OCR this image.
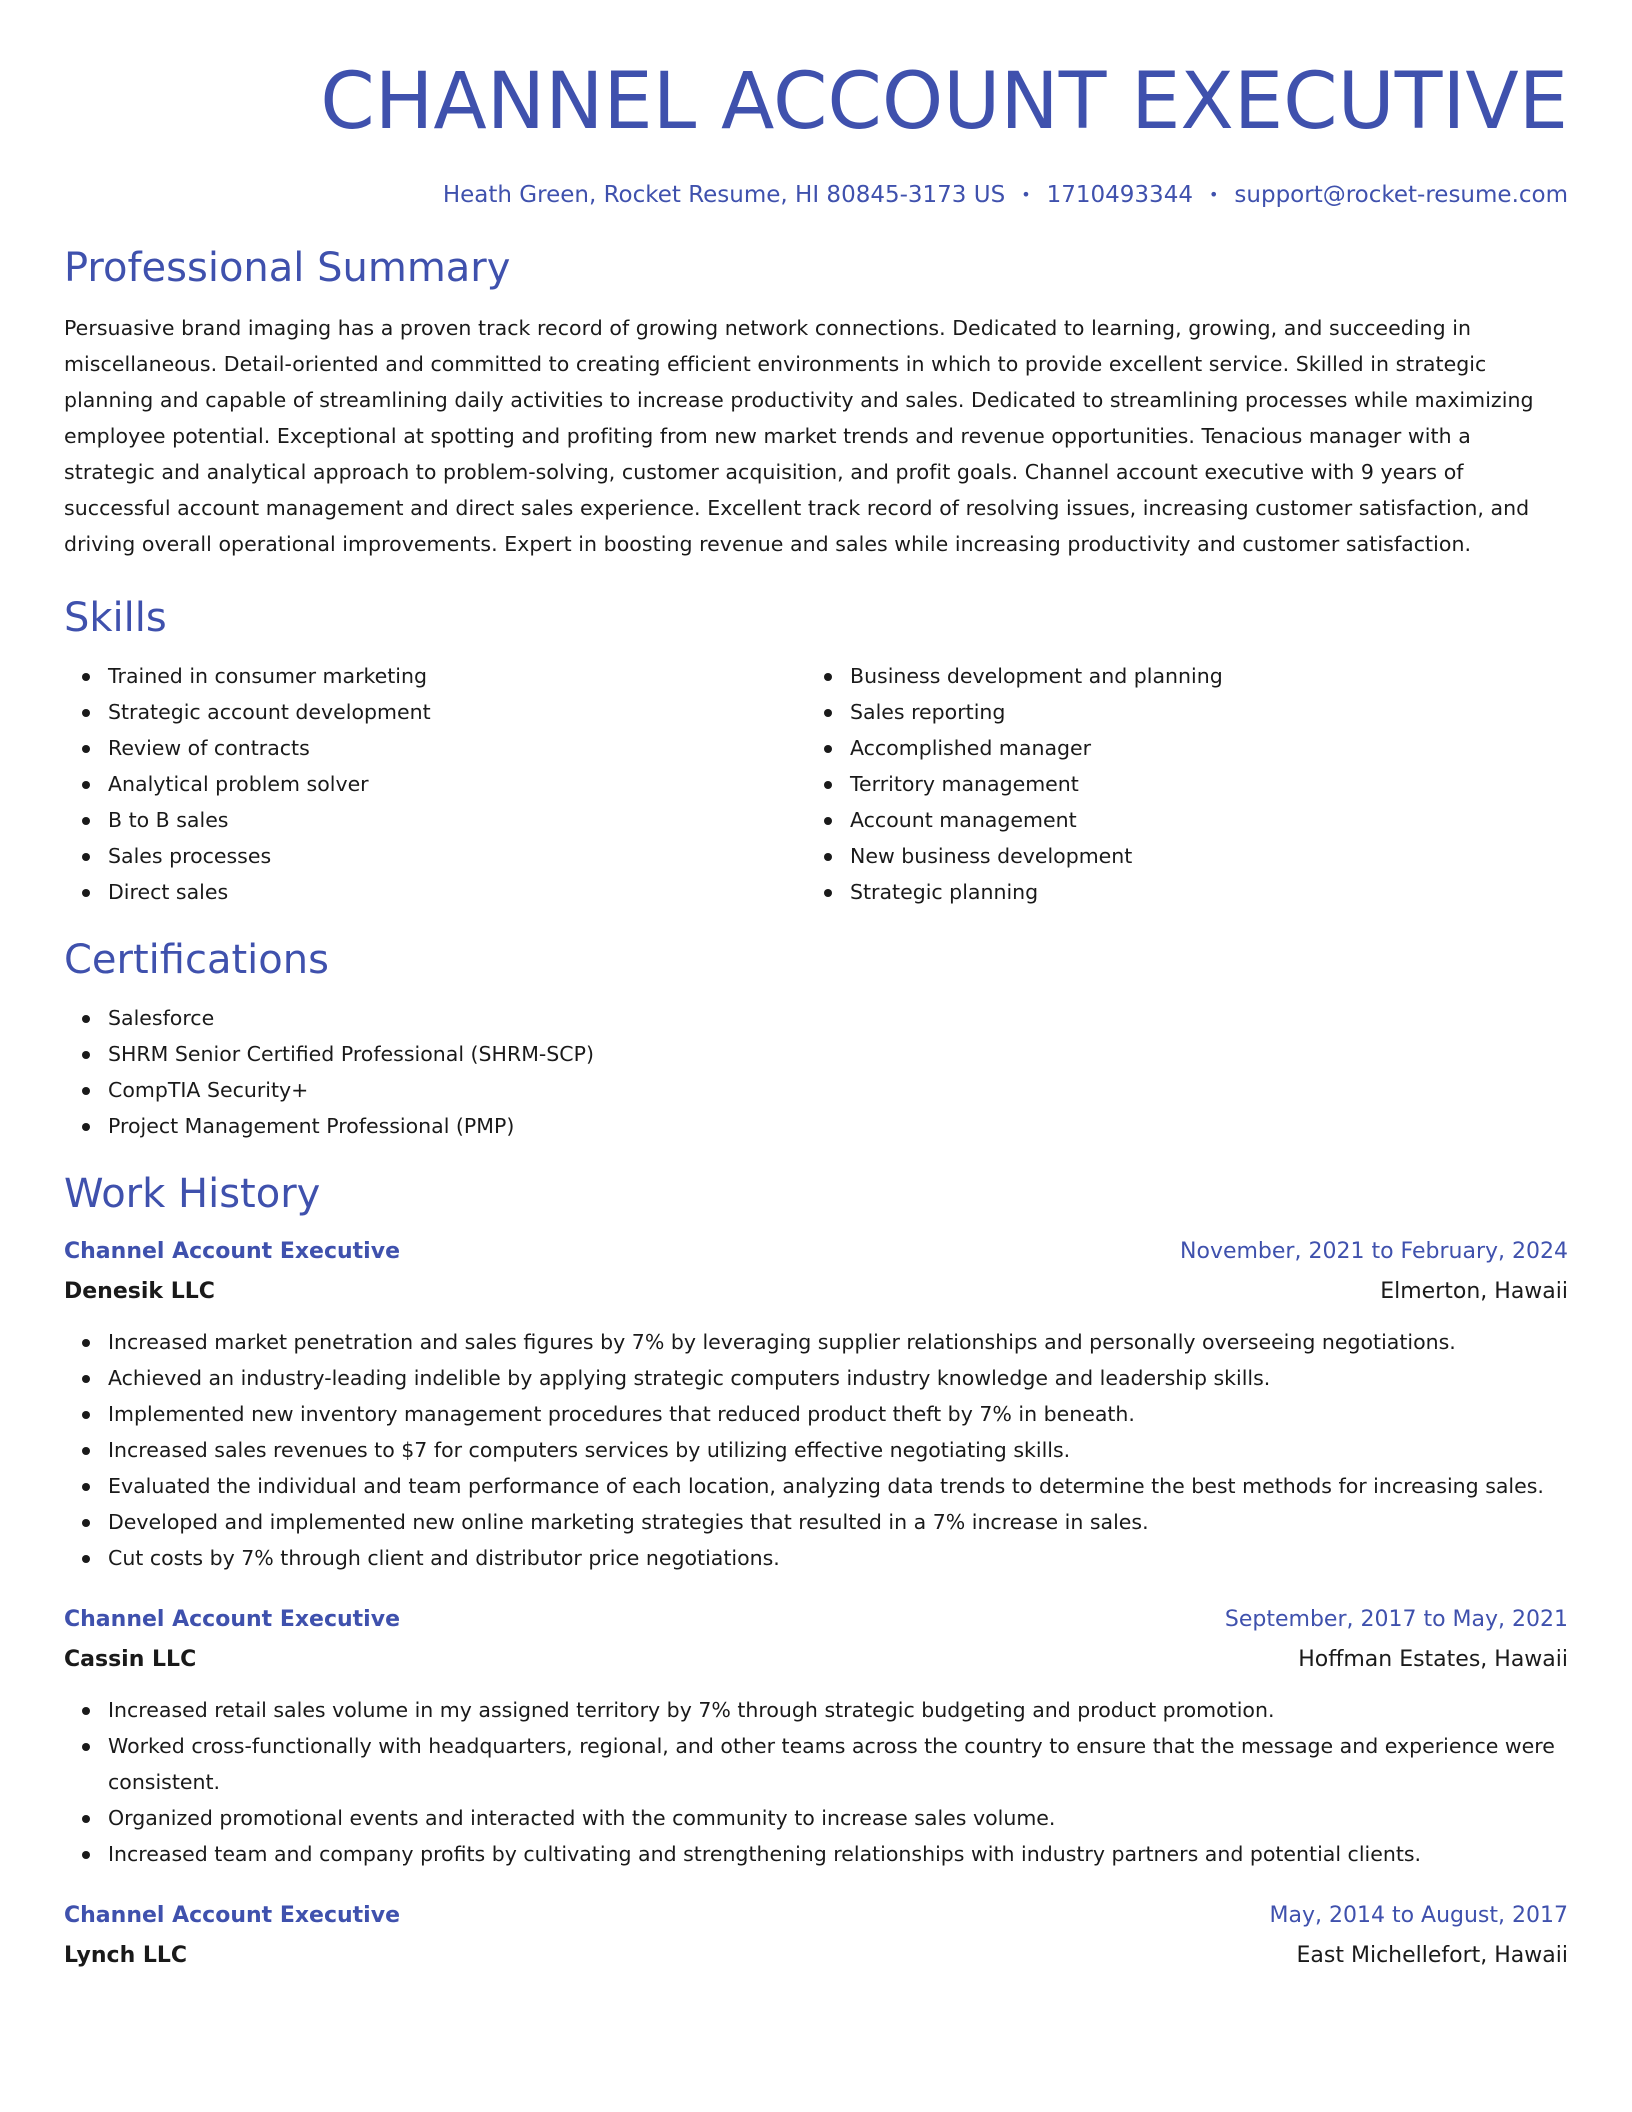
CHANNEL ACCOUNT EXECUTIVE
Heath Green, Rocket Resume, HI 80845-3173 US • 1710493344 • support@rocket-resume.com
Professional Summary

Persuasive brand imaging has a proven track record of growing network connections. Dedicated to learning, growing, and succeeding in miscellaneous. Detail-oriented and committed to creating efficient environments in which to provide excellent service. Skilled in strategic planning and capable of streamlining daily activities to increase productivity and sales. Dedicated to streamlining processes while maximizing employee potential. Exceptional at spotting and profiting from new market trends and revenue opportunities. Tenacious manager with a strategic and analytical approach to problem-solving, customer acquisition, and profit goals. Channel account executive with 9 years of successful account management and direct sales experience. Excellent track record of resolving issues, increasing customer satisfaction, and driving overall operational improvements. Expert in boosting revenue and sales while increasing productivity and customer satisfaction.

Skills
Trained in consumer marketing
Strategic account development
Review of contracts
Analytical problem solver
B to B sales
Sales processes
Direct sales
Business development and planning
Sales reporting
Accomplished manager
Territory management
Account management
New business development
Strategic planning
Certifications
Salesforce
SHRM Senior Certified Professional (SHRM-SCP)
CompTIA Security+
Project Management Professional (PMP)
Work History
Channel Account Executive	November, 2021 to February, 2024
Denesik LLC	Elmerton, Hawaii
Increased market penetration and sales figures by 7% by leveraging supplier relationships and personally overseeing negotiations.
Achieved an industry-leading indelible by applying strategic computers industry knowledge and leadership skills.
Implemented new inventory management procedures that reduced product theft by 7% in beneath.
Increased sales revenues to $7 for computers services by utilizing effective negotiating skills.
Evaluated the individual and team performance of each location, analyzing data trends to determine the best methods for increasing sales.
Developed and implemented new online marketing strategies that resulted in a 7% increase in sales.
Cut costs by 7% through client and distributor price negotiations.
Channel Account Executive	September, 2017 to May, 2021
Cassin LLC	Hoffman Estates, Hawaii
Increased retail sales volume in my assigned territory by 7% through strategic budgeting and product promotion.
Worked cross-functionally with headquarters, regional, and other teams across the country to ensure that the message and experience were consistent.
Organized promotional events and interacted with the community to increase sales volume.
Increased team and company profits by cultivating and strengthening relationships with industry partners and potential clients.
Channel Account Executive	May, 2014 to August, 2017
Lynch LLC	East Michellefort, Hawaii
